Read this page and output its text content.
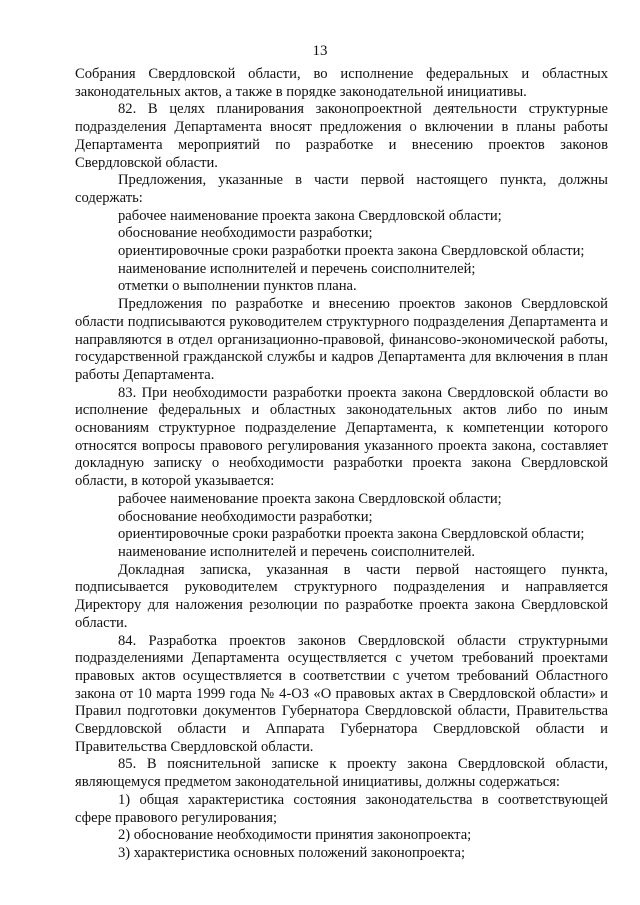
13

Собрания Свердловской области, во исполнение федеральных и областных законодательных актов, а также в порядке законодательной инициативы.

82. В целях планирования законопроектной деятельности структурные подразделения Департамента вносят предложения о включении в планы работы Департамента мероприятий по разработке и внесению проектов законов Свердловской области.

Предложения, указанные в части первой настоящего пункта, должны содержать:

рабочее наименование проекта закона Свердловской области;

обоснование необходимости разработки;

ориентировочные сроки разработки проекта закона Свердловской области;

наименование исполнителей и перечень соисполнителей;

отметки о выполнении пунктов плана.

Предложения по разработке и внесению проектов законов Свердловской области подписываются руководителем структурного подразделения Департамента и направляются в отдел организационно-правовой, финансово-экономической работы, государственной гражданской службы и кадров Департамента для включения в план работы Департамента.

83. При необходимости разработки проекта закона Свердловской области во исполнение федеральных и областных законодательных актов либо по иным основаниям структурное подразделение Департамента, к компетенции которого относятся вопросы правового регулирования указанного проекта закона, составляет докладную записку о необходимости разработки проекта закона Свердловской области, в которой указывается:

рабочее наименование проекта закона Свердловской области;

обоснование необходимости разработки;

ориентировочные сроки разработки проекта закона Свердловской области;

наименование исполнителей и перечень соисполнителей.

Докладная записка, указанная в части первой настоящего пункта, подписывается руководителем структурного подразделения и направляется Директору для наложения резолюции по разработке проекта закона Свердловской области.

84. Разработка проектов законов Свердловской области структурными подразделениями Департамента осуществляется с учетом требований проектами правовых актов осуществляется в соответствии с учетом требований Областного закона от 10 марта 1999 года № 4-ОЗ «О правовых актах в Свердловской области» и Правил подготовки документов Губернатора Свердловской области, Правительства Свердловской области и Аппарата Губернатора Свердловской области и Правительства Свердловской области.

85. В пояснительной записке к проекту закона Свердловской области, являющемуся предметом законодательной инициативы, должны содержаться:

1) общая характеристика состояния законодательства в соответствующей сфере правового регулирования;

2) обоснование необходимости принятия законопроекта;

3) характеристика основных положений законопроекта;
